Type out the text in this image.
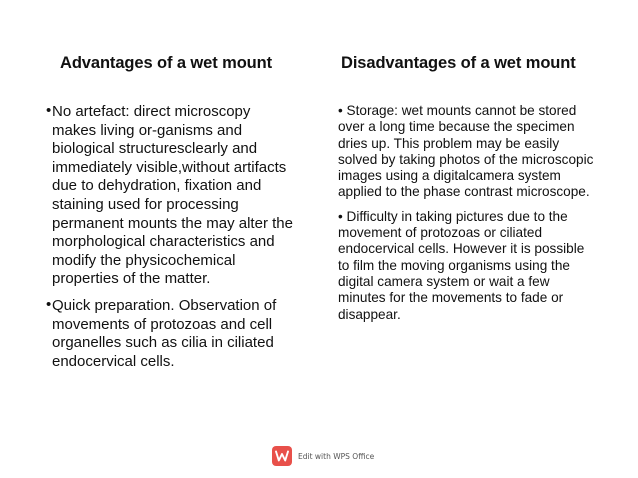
Advantages of a wet mount
• No artefact: direct microscopy makes living or-ganisms and biological structuresclearly and immediately visible,without artifacts due to dehydration, fixation and staining used for processing permanent mounts the may alter the morphological characteristics and modify the physicochemical properties of the matter.
• Quick preparation. Observation of movements of protozoas and cell organelles such as cilia in ciliated endocervical cells.
Disadvantages of a wet mount
• Storage: wet mounts cannot be stored over a long time because the specimen dries up. This problem may be easily solved by taking photos of the microscopic images using a digitalcamera system applied to the phase contrast microscope.
• Difficulty in taking pictures due to the movement of protozoas or ciliated endocervical cells. However it is possible to film the moving organisms using the digital camera system or wait a few minutes for the movements to fade or disappear.
Edit with WPS Office
